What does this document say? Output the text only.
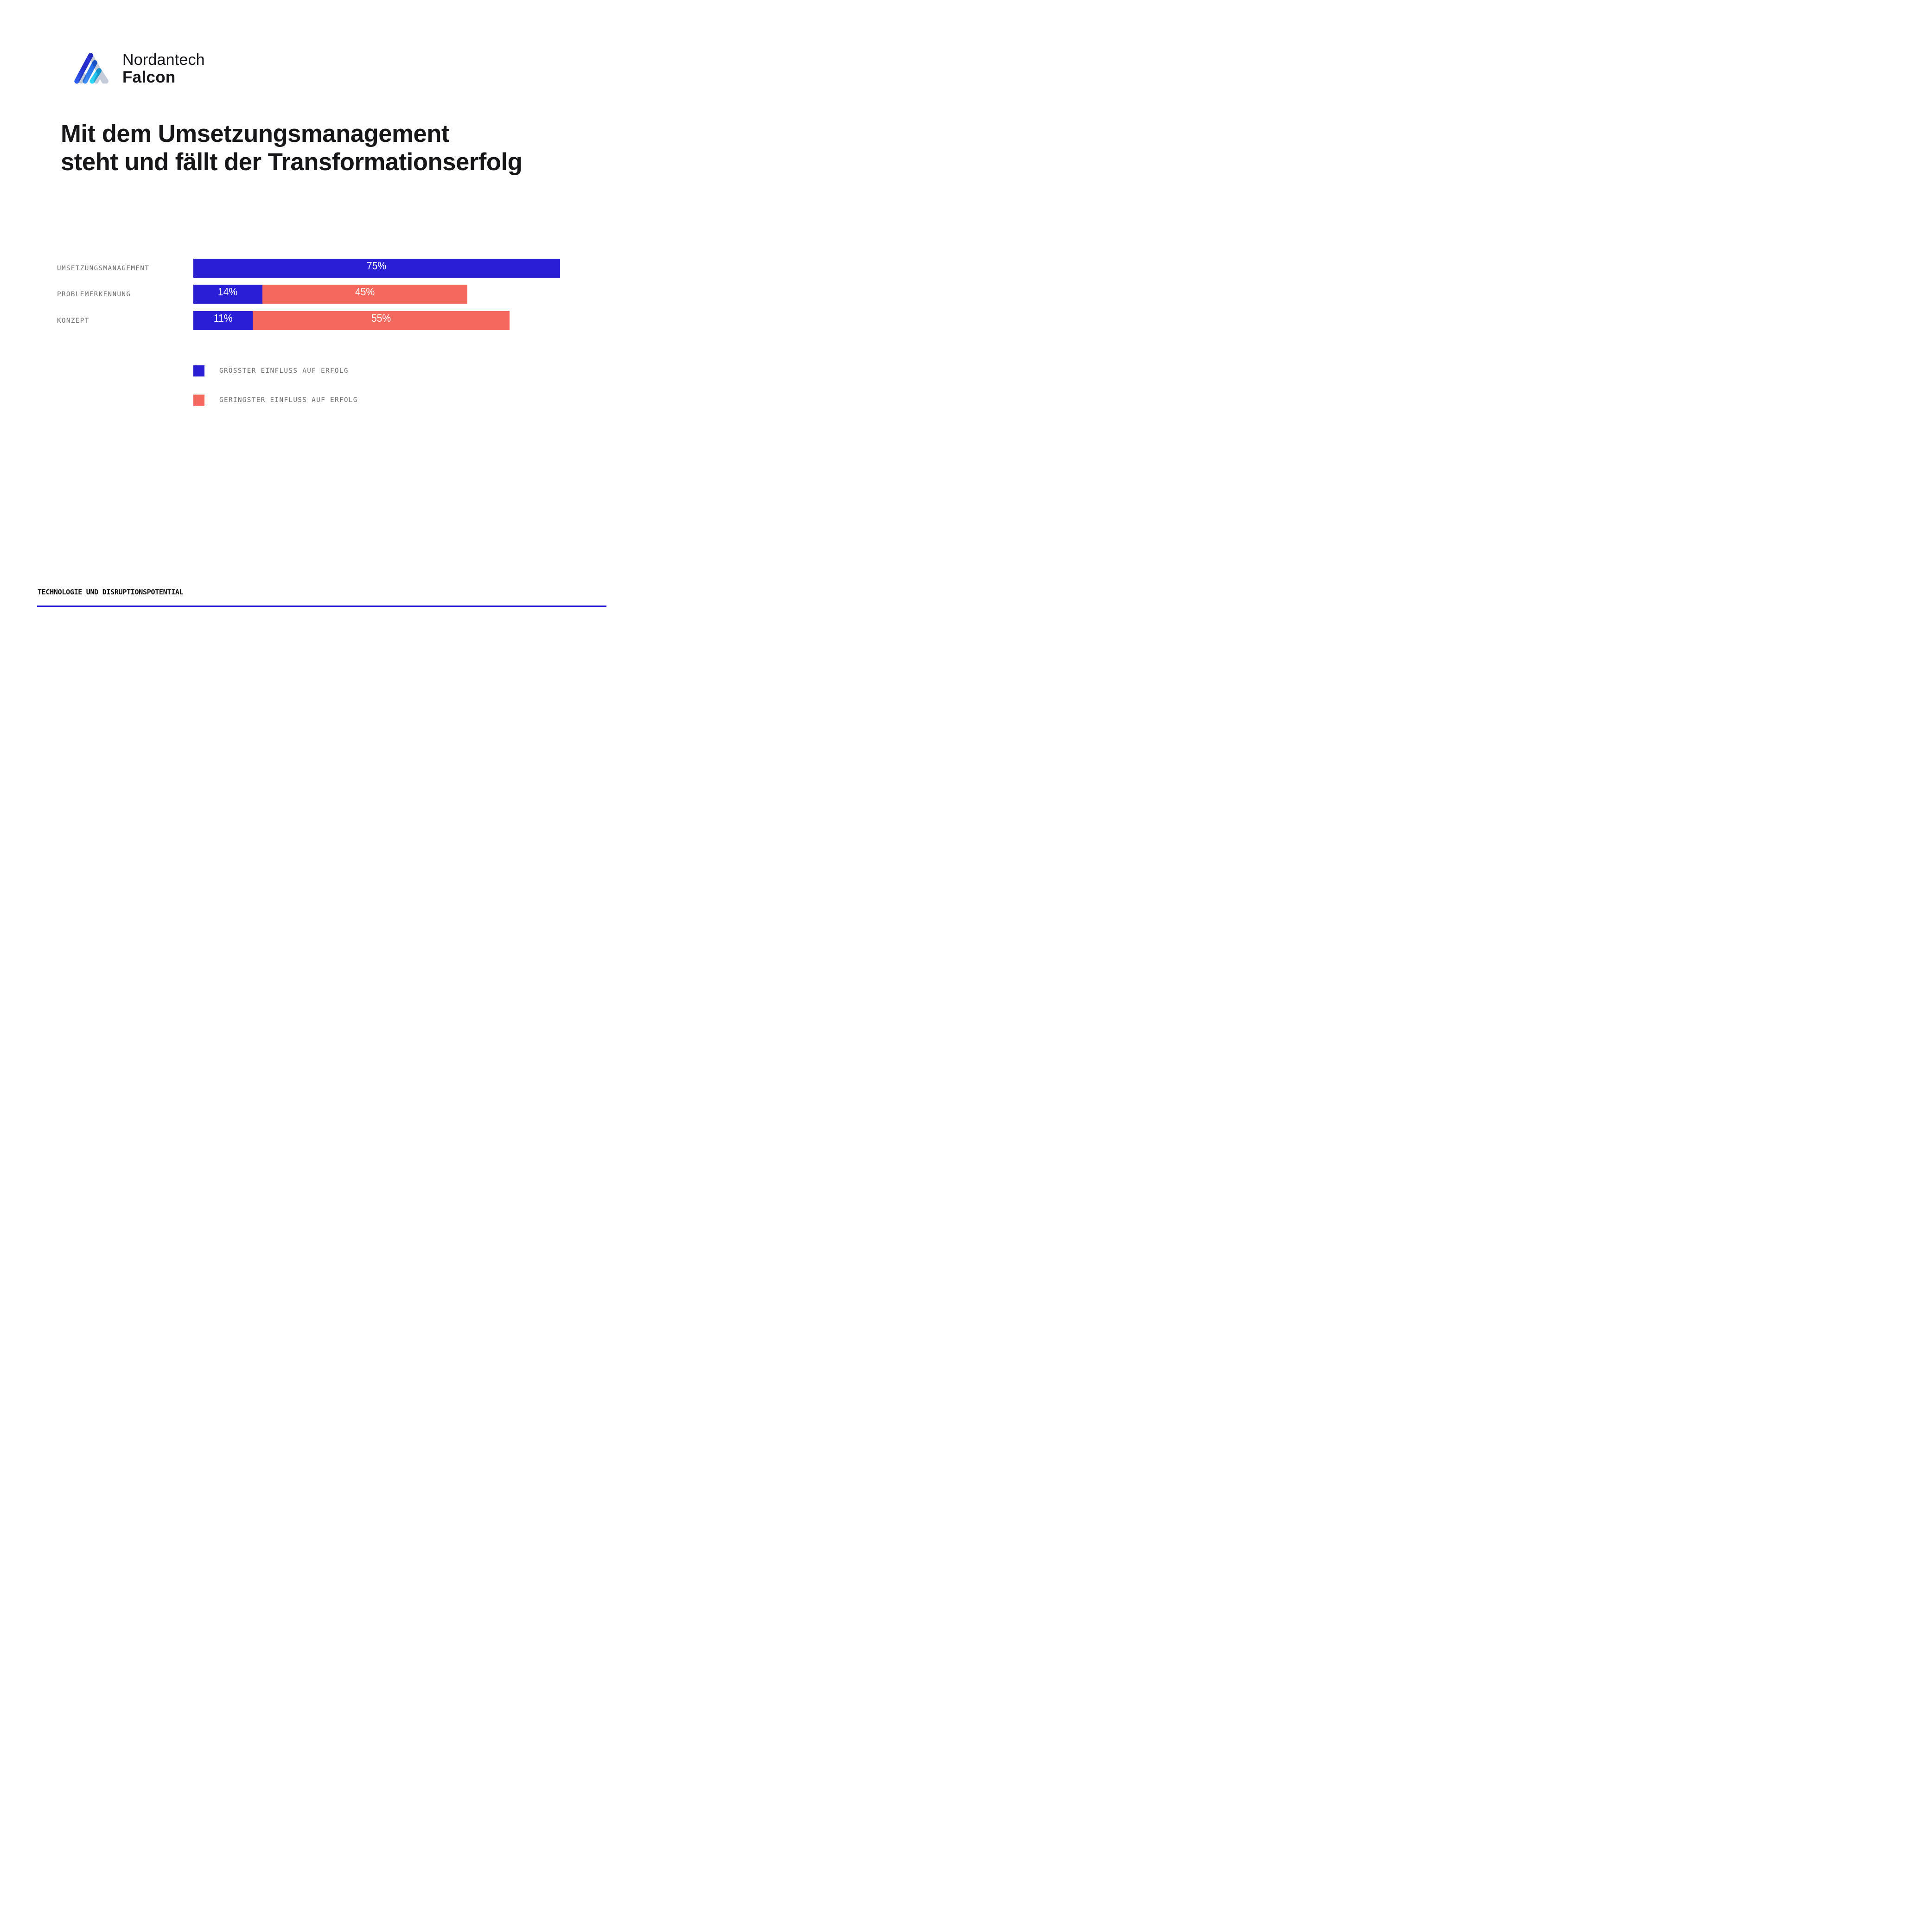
Nordantech
Falcon
Mit dem Umsetzungsmanagement
steht und fällt der Transformationserfolg
UMSETZUNGSMANAGEMENT	75%
PROBLEMERKENNUNG	14%	45%
KONZEPT	11%	55%
GRÖSSTER EINFLUSS AUF ERFOLG
GERINGSTER EINFLUSS AUF ERFOLG
TECHNOLOGIE UND DISRUPTIONSPOTENTIAL
